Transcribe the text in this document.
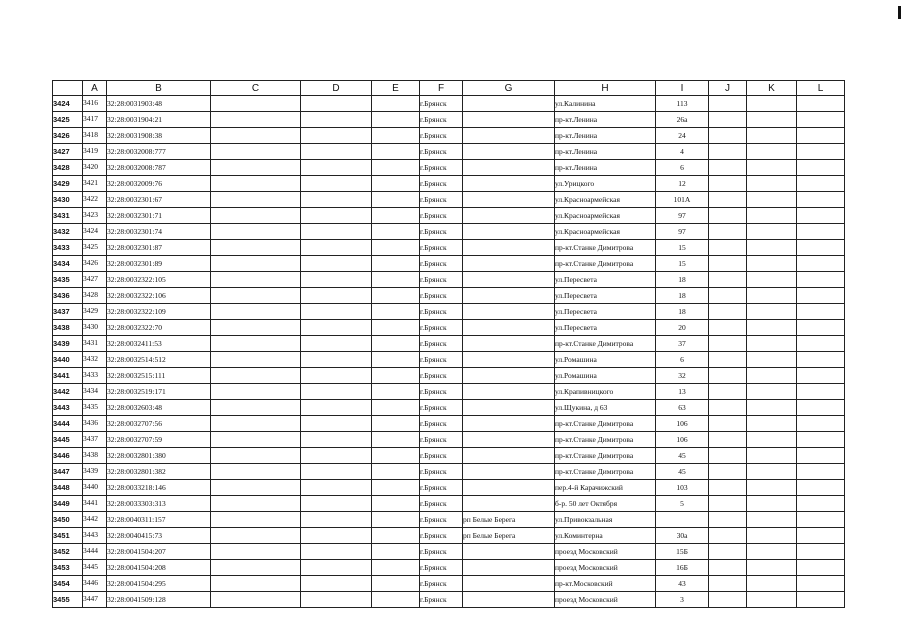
	A	B	C	D	E	F	G	H	I	J	K	L
3424	3416	32:28:0031903:48				г.Брянск		ул.Калинина	113			
3425	3417	32:28:0031904:21				г.Брянск		пр-кт.Ленина	26а			
3426	3418	32:28:0031908:38				г.Брянск		пр-кт.Ленина	24			
3427	3419	32:28:0032008:777				г.Брянск		пр-кт.Ленина	4			
3428	3420	32:28:0032008:787				г.Брянск		пр-кт.Ленина	6			
3429	3421	32:28:0032009:76				г.Брянск		ул.Урицкого	12			
3430	3422	32:28:0032301:67				г.Брянск		ул.Красноармейская	101А			
3431	3423	32:28:0032301:71				г.Брянск		ул.Красноармейская	97			
3432	3424	32:28:0032301:74				г.Брянск		ул.Красноармейская	97			
3433	3425	32:28:0032301:87				г.Брянск		пр-кт.Станке Димитрова	15			
3434	3426	32:28:0032301:89				г.Брянск		пр-кт.Станке Димитрова	15			
3435	3427	32:28:0032322:105				г.Брянск		ул.Пересвета	18			
3436	3428	32:28:0032322:106				г.Брянск		ул.Пересвета	18			
3437	3429	32:28:0032322:109				г.Брянск		ул.Пересвета	18			
3438	3430	32:28:0032322:70				г.Брянск		ул.Пересвета	20			
3439	3431	32:28:0032411:53				г.Брянск		пр-кт.Станке Димитрова	37			
3440	3432	32:28:0032514:512				г.Брянск		ул.Ромашина	6			
3441	3433	32:28:0032515:111				г.Брянск		ул.Ромашина	32			
3442	3434	32:28:0032519:171				г.Брянск		ул.Крапивницкого	13			
3443	3435	32:28:0032603:48				г.Брянск		ул.Щукина, д 63	63			
3444	3436	32:28:0032707:56				г.Брянск		пр-кт.Станке Димитрова	106			
3445	3437	32:28:0032707:59				г.Брянск		пр-кт.Станке Димитрова	106			
3446	3438	32:28:0032801:380				г.Брянск		пр-кт.Станке Димитрова	45			
3447	3439	32:28:0032801:382				г.Брянск		пр-кт.Станке Димитрова	45			
3448	3440	32:28:0033218:146				г.Брянск		пер.4-й Карачижский	103			
3449	3441	32:28:0033303:313				г.Брянск		б-р. 50 лет Октября	5			
3450	3442	32:28:0040311:157				г.Брянск	рп Белые Берега	ул.Привокзальная				
3451	3443	32:28:0040415:73				г.Брянск	рп Белые Берега	ул.Коминтерна	30а			
3452	3444	32:28:0041504:207				г.Брянск		проезд Московский	15Б			
3453	3445	32:28:0041504:208				г.Брянск		проезд Московский	16Б			
3454	3446	32:28:0041504:295				г.Брянск		пр-кт.Московский	43			
3455	3447	32:28:0041509:128				г.Брянск		проезд Московский	3			
